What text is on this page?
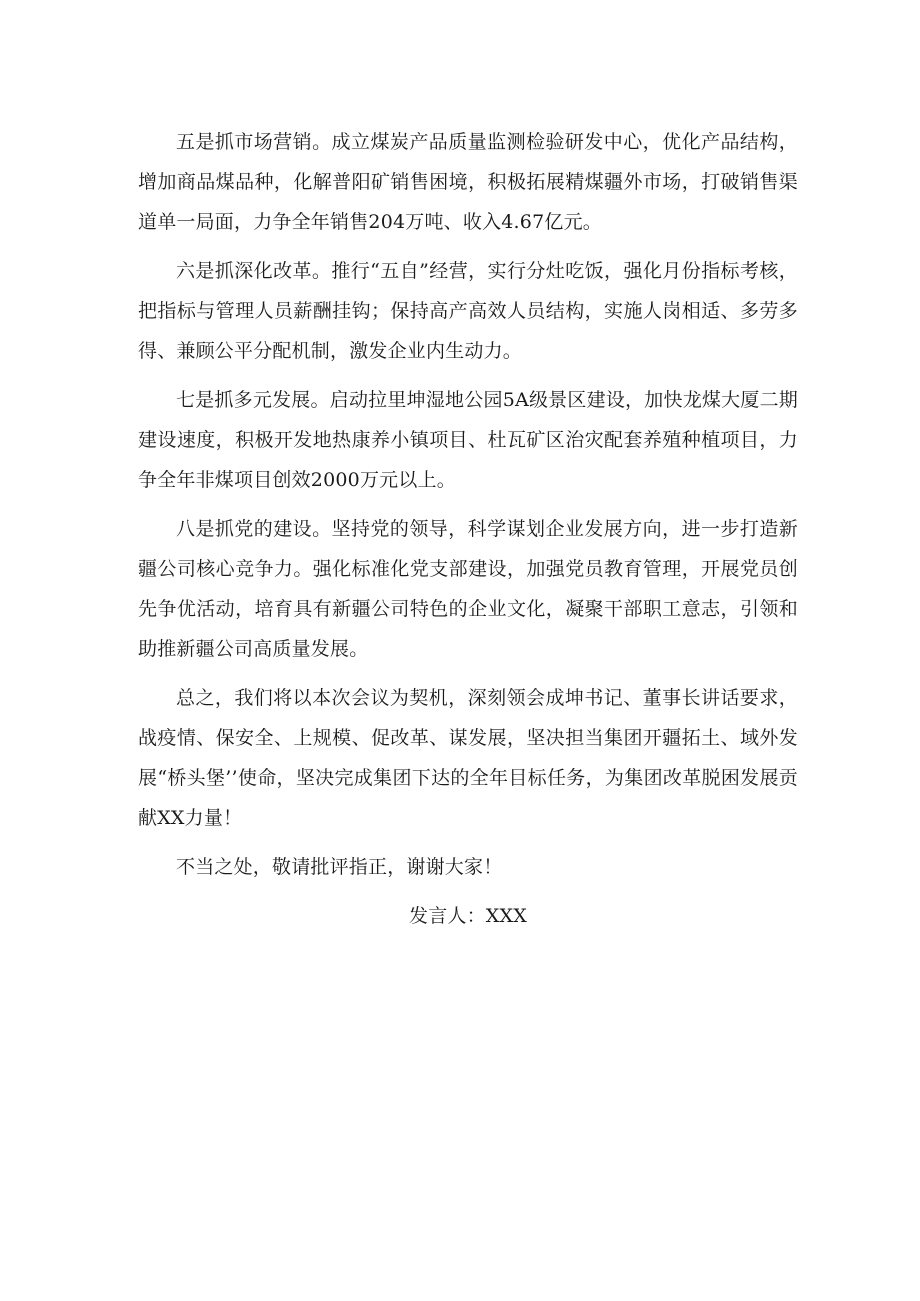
五是抓市场营销。成立煤炭产品质量监测检验研发中心，优化产品结构，增加商品煤品种，化解普阳矿销售困境，积极拓展精煤疆外市场，打破销售渠道单一局面，力争全年销售204万吨、收入4.67亿元。

六是抓深化改革。推行“五自”经营，实行分灶吃饭，强化月份指标考核，把指标与管理人员薪酬挂钩；保持高产高效人员结构，实施人岗相适、多劳多得、兼顾公平分配机制，激发企业内生动力。

七是抓多元发展。启动拉里坤湿地公园5A级景区建设，加快龙煤大厦二期建设速度，积极开发地热康养小镇项目、杜瓦矿区治灾配套养殖种植项目，力争全年非煤项目创效2000万元以上。

八是抓党的建设。坚持党的领导，科学谋划企业发展方向，进一步打造新疆公司核心竞争力。强化标准化党支部建设，加强党员教育管理，开展党员创先争优活动，培育具有新疆公司特色的企业文化，凝聚干部职工意志，引领和助推新疆公司高质量发展。

总之，我们将以本次会议为契机，深刻领会成坤书记、董事长讲话要求，战疫情、保安全、上规模、促改革、谋发展，坚决担当集团开疆拓土、域外发展“桥头堡’’使命，坚决完成集团下达的全年目标任务，为集团改革脱困发展贡献XX力量！

不当之处，敬请批评指正，谢谢大家！

发言人：XXX
